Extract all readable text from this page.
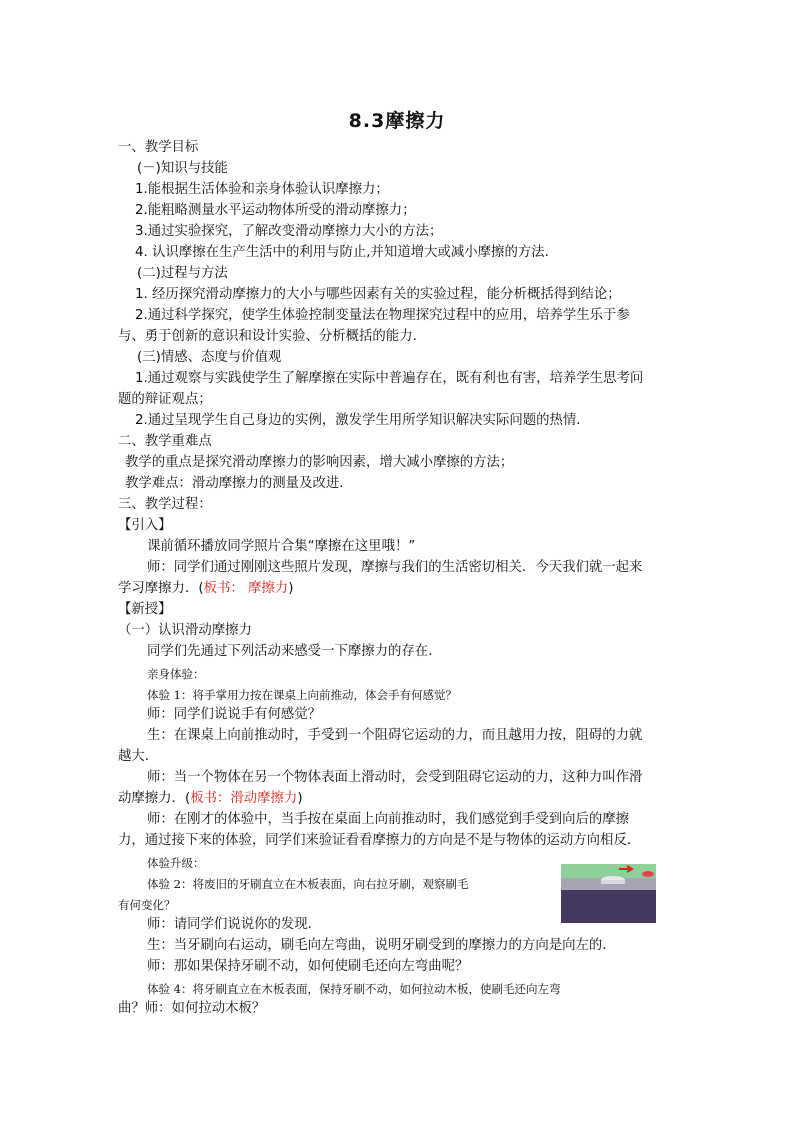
8.3摩擦力
一、教学目标
(－)知识与技能
1.能根据生活体验和亲身体验认识摩擦力；
2.能粗略测量水平运动物体所受的滑动摩擦力；
3.通过实验探究，了解改变滑动摩擦力大小的方法；
4. 认识摩擦在生产生活中的利用与防止,并知道增大或减小摩擦的方法．
(二)过程与方法
1. 经历探究滑动摩擦力的大小与哪些因素有关的实验过程，能分析概括得到结论；
2.通过科学探究，使学生体验控制变量法在物理探究过程中的应用，培养学生乐于参
与、勇于创新的意识和设计实验、分析概括的能力．
(三)情感、态度与价值观
1.通过观察与实践使学生了解摩擦在实际中普遍存在，既有利也有害，培养学生思考问
题的辩证观点；
2.通过呈现学生自己身边的实例，激发学生用所学知识解决实际问题的热情．
二、教学重难点
教学的重点是探究滑动摩擦力的影响因素，增大减小摩擦的方法；
教学难点：滑动摩擦力的测量及改进．
三、教学过程：
【引入】
课前循环播放同学照片合集“摩擦在这里哦！”
师：同学们通过刚刚这些照片发现，摩擦与我们的生活密切相关．今天我们就一起来
学习摩擦力．(板书： 摩擦力)
【新授】
（一）认识滑动摩擦力
同学们先通过下列活动来感受一下摩擦力的存在．
亲身体验：
体验 1：将手掌用力按在课桌上向前推动，体会手有何感觉？
师：同学们说说手有何感觉？
生：在课桌上向前推动时，手受到一个阻碍它运动的力，而且越用力按，阻碍的力就
越大．
师：当一个物体在另一个物体表面上滑动时，会受到阻碍它运动的力，这种力叫作滑
动摩擦力．(板书：滑动摩擦力)
师：在刚才的体验中，当手按在桌面上向前推动时，我们感觉到手受到向后的摩擦
力，通过接下来的体验，同学们来验证看看摩擦力的方向是不是与物体的运动方向相反．
体验升级：
体验 2：将废旧的牙刷直立在木板表面，向右拉牙刷，观察刷毛
有何变化？
师：请同学们说说你的发现．
生：当牙刷向右运动，刷毛向左弯曲，说明牙刷受到的摩擦力的方向是向左的．
师：那如果保持牙刷不动，如何使刷毛还向左弯曲呢？
体验 4：将牙刷直立在木板表面，保持牙刷不动，如何拉动木板，使刷毛还向左弯
曲？师：如何拉动木板？
